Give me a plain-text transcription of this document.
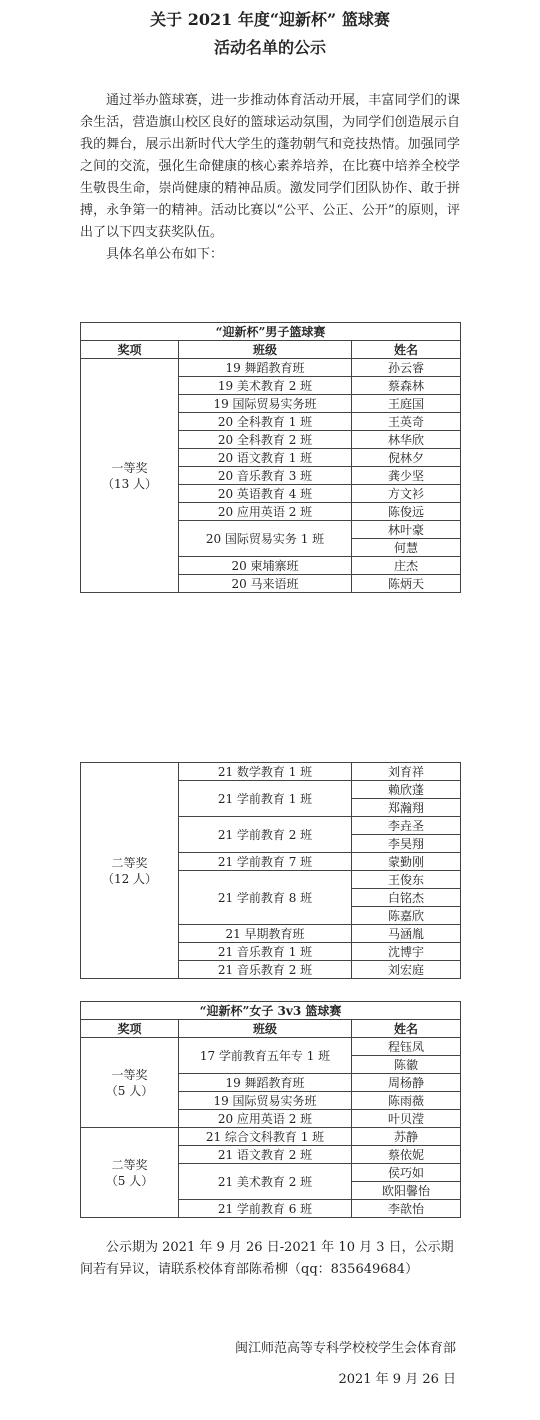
关于 2021 年度“迎新杯” 篮球赛
活动名单的公示

通过举办篮球赛，进一步推动体育活动开展，丰富同学们的课余生活，营造旗山校区良好的篮球运动氛围，为同学们创造展示自我的舞台，展示出新时代大学生的蓬勃朝气和竞技热情。加强同学之间的交流，强化生命健康的核心素养培养，在比赛中培养全校学生敬畏生命，崇尚健康的精神品质。激发同学们团队协作、敢于拼搏，永争第一的精神。活动比赛以“公平、公正、公开”的原则，评出了以下四支获奖队伍。

具体名单公布如下：

“迎新杯”男子篮球赛		
奖项	班级	姓名

一等奖
（13 人）	19 舞蹈教育班	孙云睿
	19 美术教育 2 班	蔡森林
	19 国际贸易实务班	王庭国
	20 全科教育 1 班	王英奇
	20 全科教育 2 班	林华欣
	20 语文教育 1 班	倪林夕
	20 音乐教育 3 班	龚少坚
	20 英语教育 4 班	方文衫
	20 应用英语 2 班	陈俊远
	20 国际贸易实务 1 班	林叶豪
		何慧
	20 柬埔寨班	庄杰
	20 马来语班	陈炳天
二等奖
（12 人）	21 数学教育 1 班	刘育祥
	21 学前教育 1 班	赖欣蓬
		郑瀚翔
	21 学前教育 2 班	李垚圣
		李昊翔
	21 学前教育 7 班	蒙勤刚
	21 学前教育 8 班	王俊东
		白铭杰
		陈嘉欣
	21 早期教育班	马涵胤
	21 音乐教育 1 班	沈博宇
	21 音乐教育 2 班	刘宏庭
“迎新杯”女子 3v3 篮球赛		
奖项	班级	姓名

一等奖
（5 人）	17 学前教育五年专 1 班	程钰凤
		陈徽
	19 舞蹈教育班	周杨静
	19 国际贸易实务班	陈雨薇
	20 应用英语 2 班	叶贝滢

二等奖
（5 人）	21 综合文科教育 1 班	苏静
	21 语文教育 2 班	蔡依妮
	21 美术教育 2 班	侯巧如
		欧阳馨怡
	21 学前教育 6 班	李歆怡

公示期为 2021 年 9 月 26 日-2021 年 10 月 3 日，公示期间若有异议，请联系校体育部陈希柳（qq：835649684）

闽江师范高等专科学校校学生会体育部
2021 年 9 月 26 日
